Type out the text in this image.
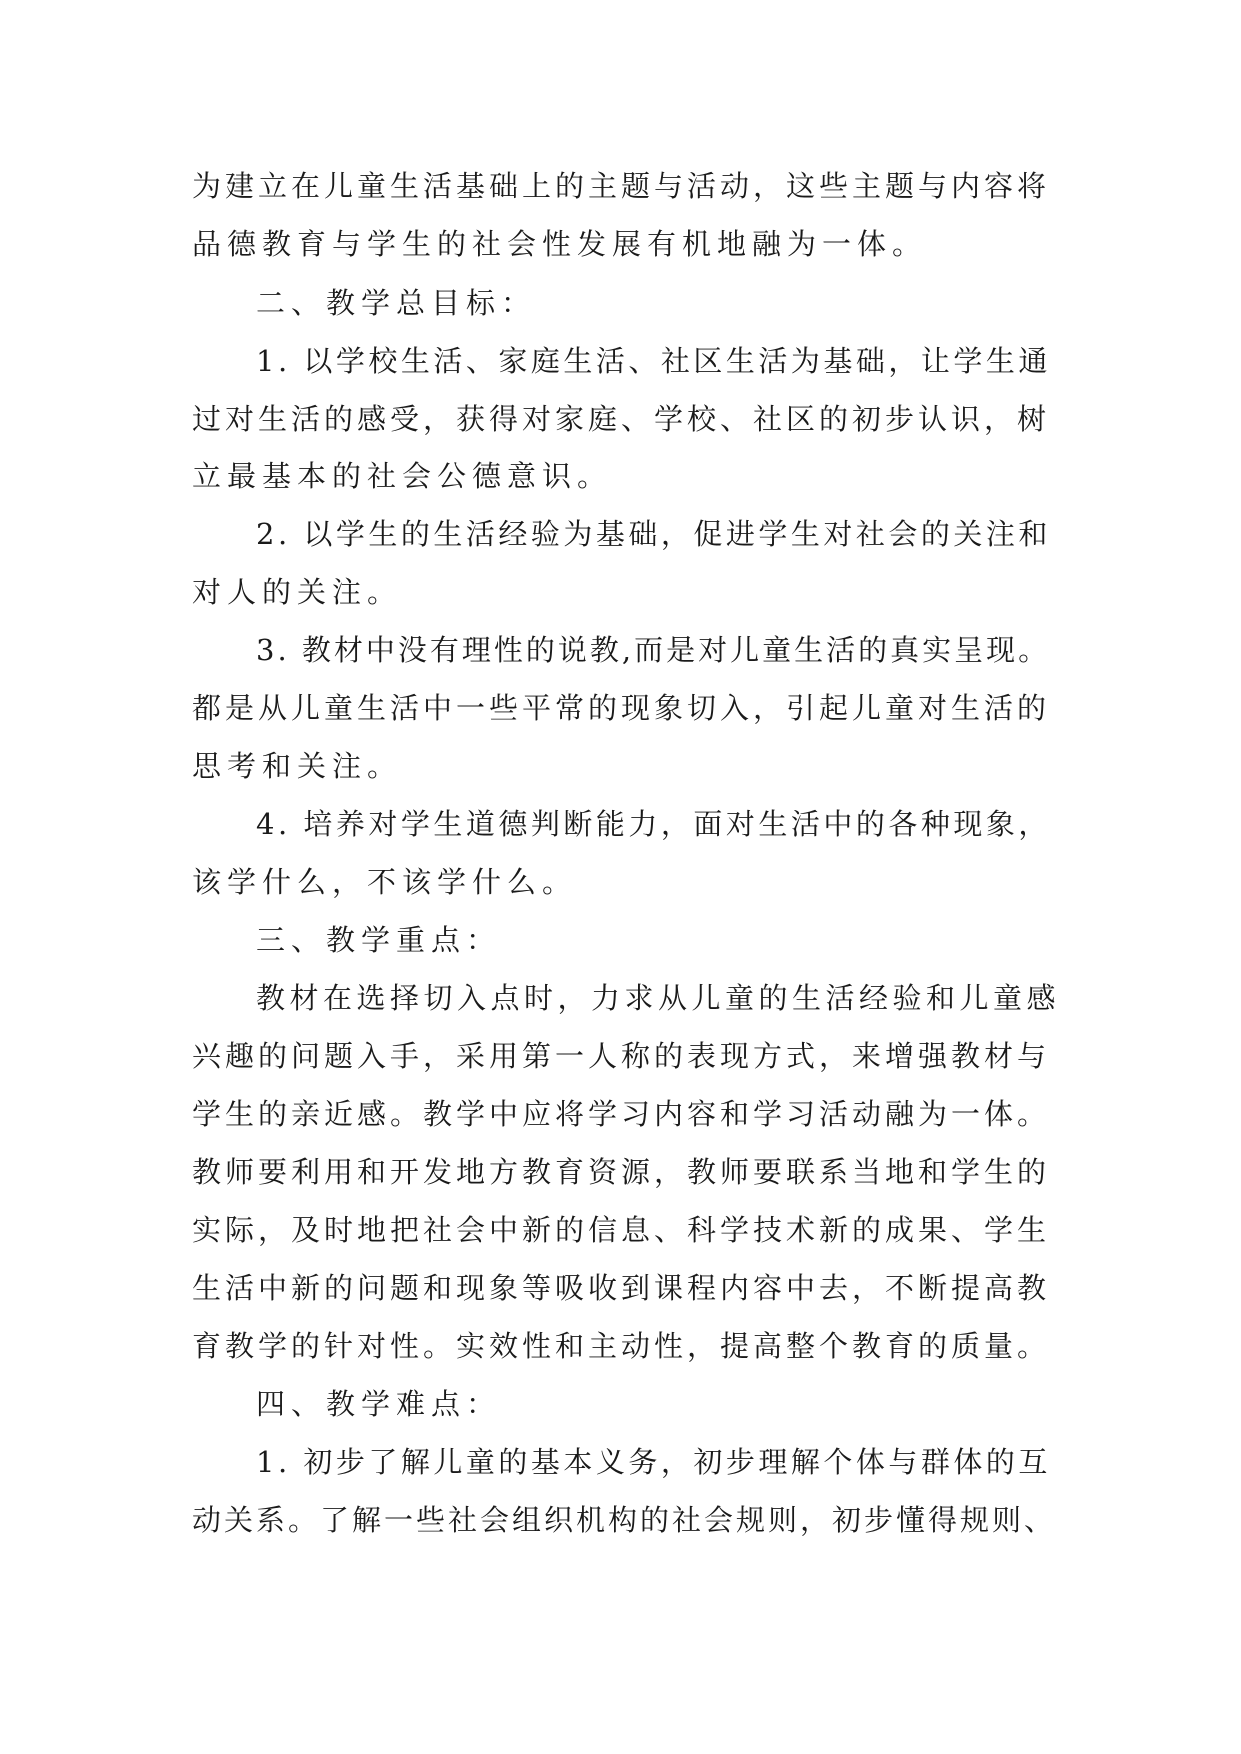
为建立在儿童生活基础上的主题与活动，这些主题与内容将
品德教育与学生的社会性发展有机地融为一体。
二、教学总目标：
1. 以学校生活、家庭生活、社区生活为基础，让学生通
过对生活的感受，获得对家庭、学校、社区的初步认识，树
立最基本的社会公德意识。
2. 以学生的生活经验为基础，促进学生对社会的关注和
对人的关注。
3. 教材中没有理性的说教,而是对儿童生活的真实呈现。
都是从儿童生活中一些平常的现象切入，引起儿童对生活的
思考和关注。
4. 培养对学生道德判断能力，面对生活中的各种现象，
该学什么，不该学什么。
三、教学重点：
教材在选择切入点时，力求从儿童的生活经验和儿童感
兴趣的问题入手，采用第一人称的表现方式，来增强教材与
学生的亲近感。教学中应将学习内容和学习活动融为一体。
教师要利用和开发地方教育资源，教师要联系当地和学生的
实际，及时地把社会中新的信息、科学技术新的成果、学生
生活中新的问题和现象等吸收到课程内容中去，不断提高教
育教学的针对性。实效性和主动性，提高整个教育的质量。
四、教学难点：
1. 初步了解儿童的基本义务，初步理解个体与群体的互
动关系。了解一些社会组织机构的社会规则，初步懂得规则、
